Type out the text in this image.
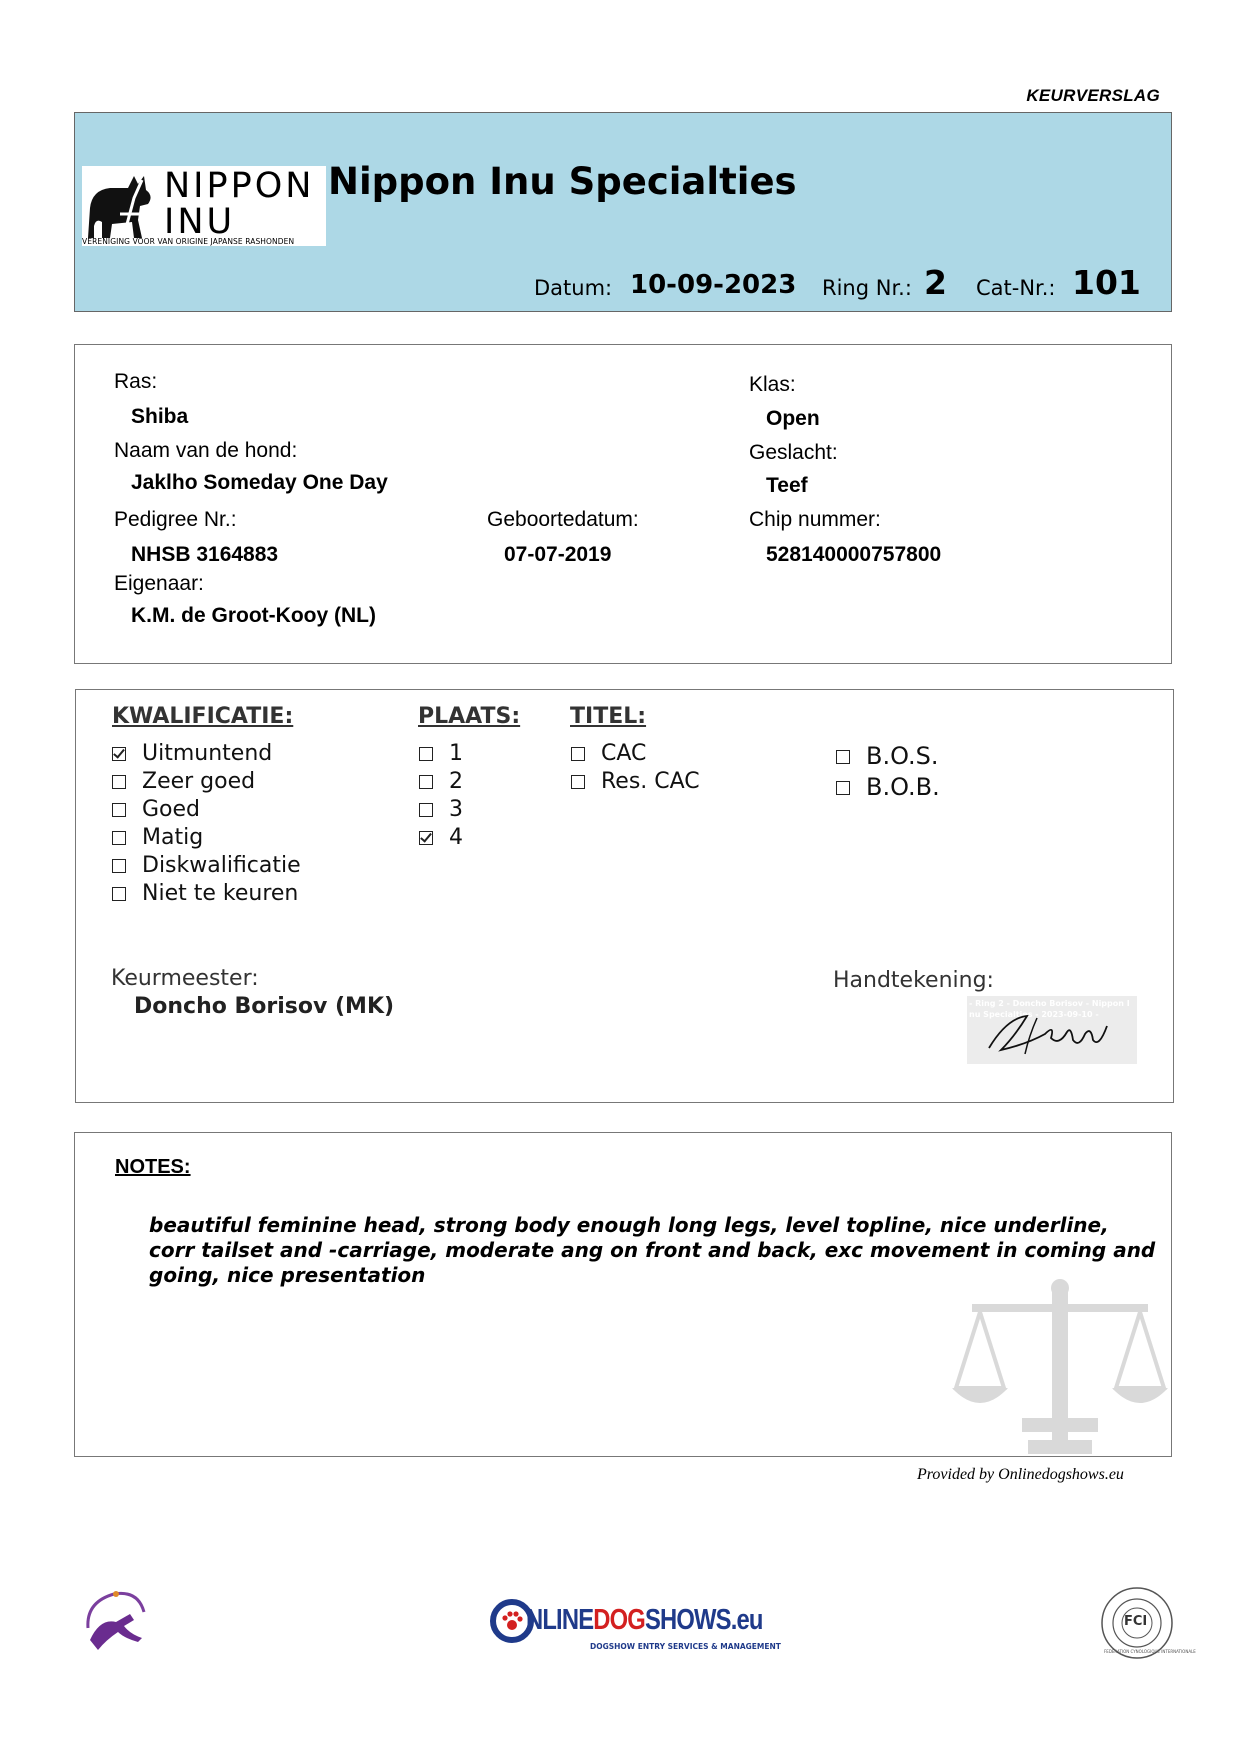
KEURVERSLAG
NIPPON
INU
VERENIGING VOOR VAN ORIGINE JAPANSE RASHONDEN
Nippon Inu Specialties
Datum: 10-09-2023 Ring Nr.: 2 Cat-Nr.: 101
Ras:
Shiba
Naam van de hond:
Jaklho Someday One Day
Pedigree Nr.:
NHSB 3164883
Geboortedatum:
07-07-2019
Eigenaar:
K.M. de Groot-Kooy (NL)
Klas:
Open
Geslacht:
Teef
Chip nummer:
528140000757800
KWALIFICATIE:
Uitmuntend
Zeer goed
Goed
Matig
Diskwalificatie
Niet te keuren
PLAATS:
1
2
3
4
TITEL:
CAC
Res. CAC
B.O.S.
B.O.B.
Keurmeester:
Doncho Borisov (MK)
Handtekening:
- Ring 2 - Doncho Borisov - Nippon Inu Specialties - 2023-09-10 -
NOTES:
beautiful feminine head, strong body enough long legs, level topline, nice underline, corr tailset and -carriage, moderate ang on front and back, exc movement in coming and going, nice presentation
Provided by Onlinedogshows.eu
NLINEDOGSHOWS.eu
DOGSHOW ENTRY SERVICES & MANAGEMENT
FCI
FEDERATION CYNOLOGIQUE INTERNATIONALE
